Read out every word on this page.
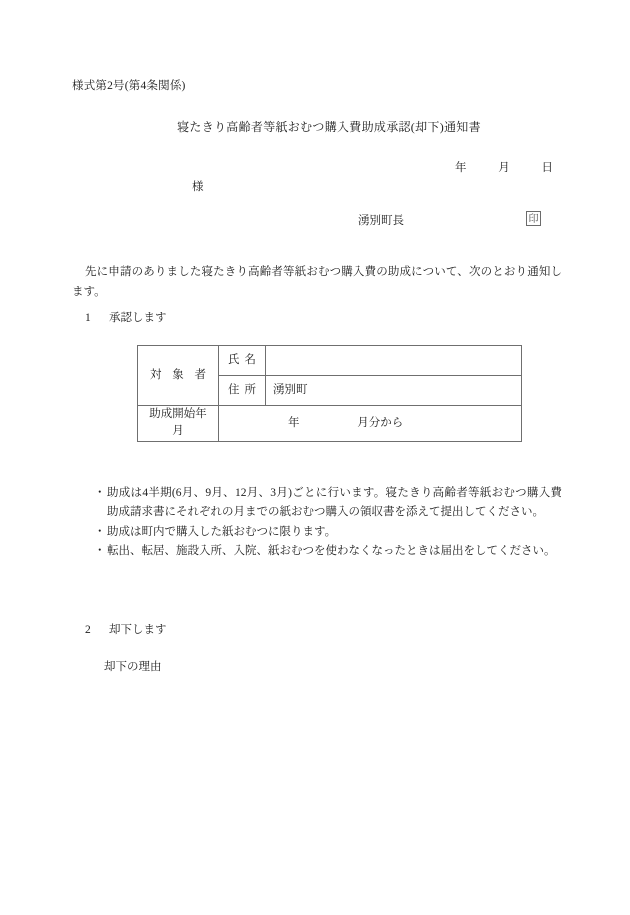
様式第2号(第4条関係)
寝たきり高齢者等紙おむつ購入費助成承認(却下)通知書
年	月	日
様
湧別町長	印
先に申請のありました寝たきり高齢者等紙おむつ購入費の助成について、次のとおり通知します。
1 承認します
対 象 者	氏 名	

	住 所	湧別町
助成開始年月	年 月分から	
・ 助成は4半期(6月、9月、12月、3月)ごとに行います。寝たきり高齢者等紙おむつ購入費助成請求書にそれぞれの月までの紙おむつ購入の領収書を添えて提出してください。
・ 助成は町内で購入した紙おむつに限ります。
・ 転出、転居、施設入所、入院、紙おむつを使わなくなったときは届出をしてください。
2 却下します
却下の理由
